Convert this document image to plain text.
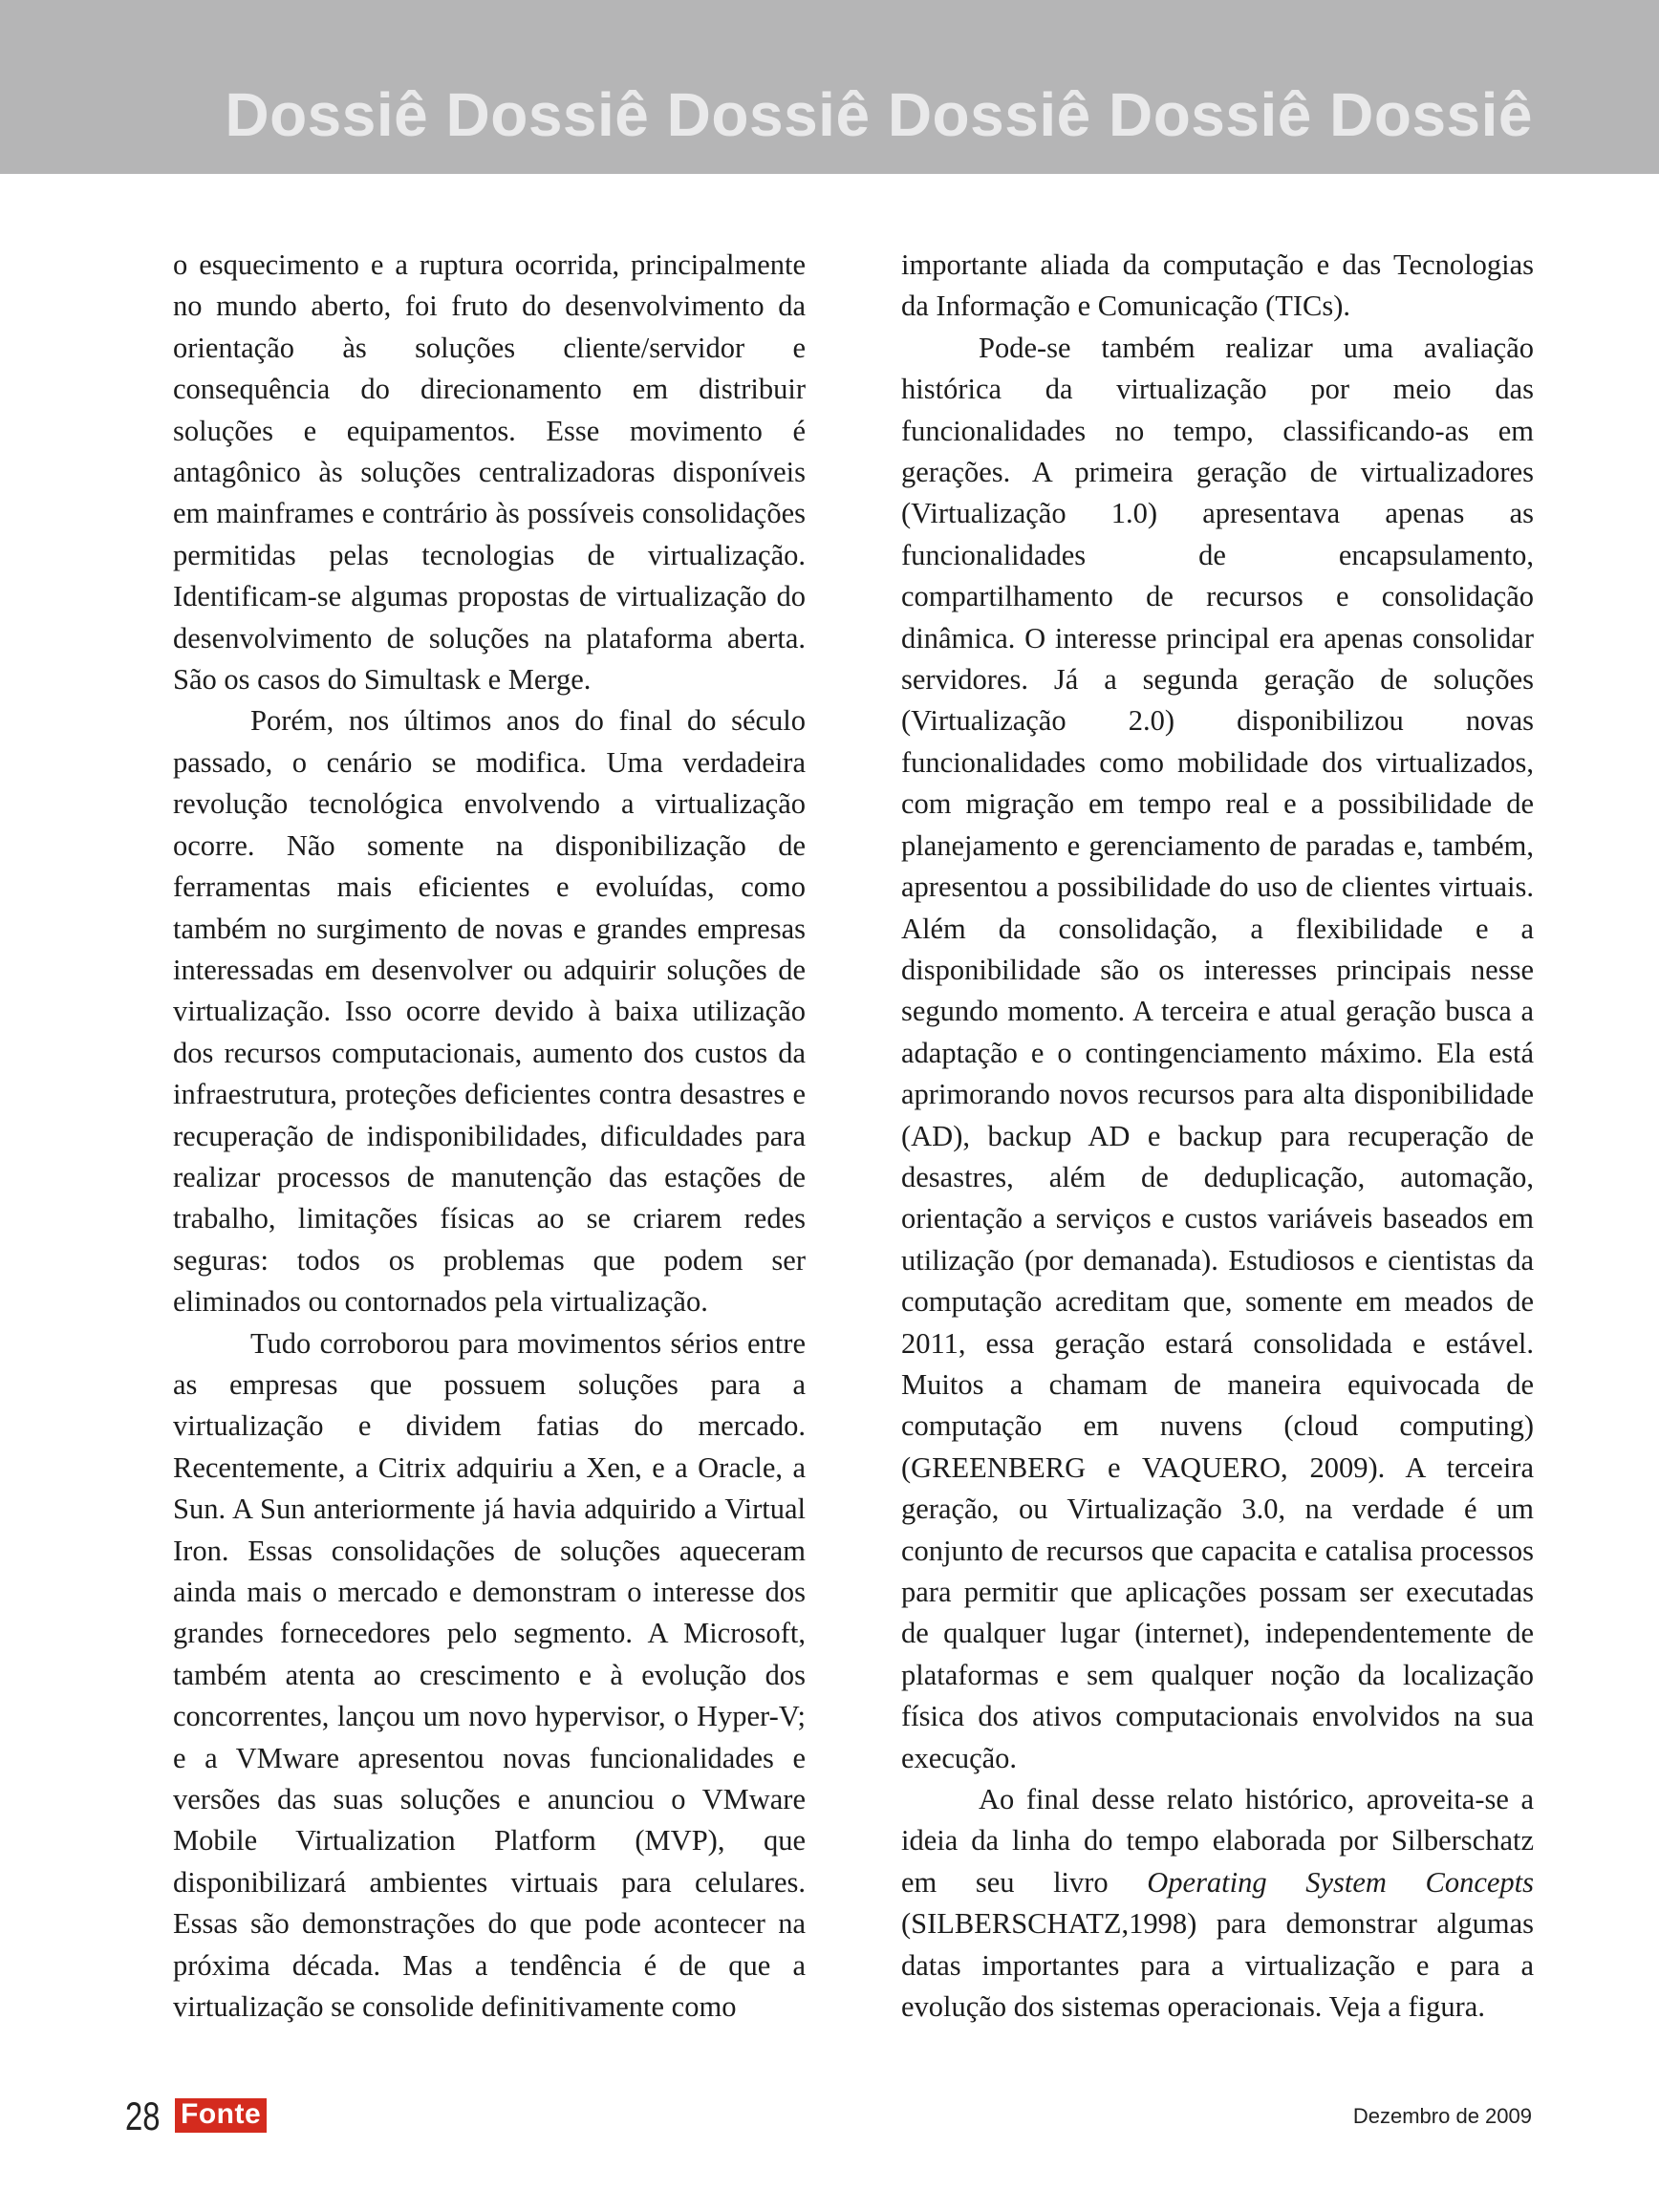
Dossiê Dossiê Dossiê Dossiê Dossiê Dossiê

o esquecimento e a ruptura ocorrida, principalmente no mundo aberto, foi fruto do desenvolvimento da orientação às soluções cliente/servidor e consequência do direcionamento em distribuir soluções e equipamentos. Esse movimento é antagônico às soluções centralizadoras disponíveis em mainframes e contrário às possíveis consolidações permitidas pelas tecnologias de virtualização. Identificam-se algumas propostas de virtualização do desenvolvimento de soluções na plataforma aberta. São os casos do Simultask e Merge.

Porém, nos últimos anos do final do século passado, o cenário se modifica. Uma verdadeira revolução tecnológica envolvendo a virtualização ocorre. Não somente na disponibilização de ferramentas mais eficientes e evoluídas, como também no surgimento de novas e grandes empresas interessadas em desenvolver ou adquirir soluções de virtualização. Isso ocorre devido à baixa utilização dos recursos computacionais, aumento dos custos da infraestrutura, proteções deficientes contra desastres e recuperação de indisponibilidades, dificuldades para realizar processos de manutenção das estações de trabalho, limitações físicas ao se criarem redes seguras: todos os problemas que podem ser eliminados ou contornados pela virtualização.

Tudo corroborou para movimentos sérios entre as empresas que possuem soluções para a virtualização e dividem fatias do mercado. Recentemente, a Citrix adquiriu a Xen, e a Oracle, a Sun. A Sun anteriormente já havia adquirido a Virtual Iron. Essas consolidações de soluções aqueceram ainda mais o mercado e demonstram o interesse dos grandes fornecedores pelo segmento. A Microsoft, também atenta ao crescimento e à evolução dos concorrentes, lançou um novo hypervisor, o Hyper-V; e a VMware apresentou novas funcionalidades e versões das suas soluções e anunciou o VMware Mobile Virtualization Platform (MVP), que disponibilizará ambientes virtuais para celulares. Essas são demonstrações do que pode acontecer na próxima década. Mas a tendência é de que a virtualização se consolide definitivamente como

importante aliada da computação e das Tecnologias da Informação e Comunicação (TICs).

Pode-se também realizar uma avaliação histórica da virtualização por meio das funcionalidades no tempo, classificando-as em gerações. A primeira geração de virtualizadores (Virtualização 1.0) apresentava apenas as funcionalidades de encapsulamento, compartilhamento de recursos e consolidação dinâmica. O interesse principal era apenas consolidar servidores. Já a segunda geração de soluções (Virtualização 2.0) disponibilizou novas funcionalidades como mobilidade dos virtualizados, com migração em tempo real e a possibilidade de planejamento e gerenciamento de paradas e, também, apresentou a possibilidade do uso de clientes virtuais. Além da consolidação, a flexibilidade e a disponibilidade são os interesses principais nesse segundo momento. A terceira e atual geração busca a adaptação e o contingenciamento máximo. Ela está aprimorando novos recursos para alta disponibilidade (AD), backup AD e backup para recuperação de desastres, além de deduplicação, automação, orientação a serviços e custos variáveis baseados em utilização (por demanada). Estudiosos e cientistas da computação acreditam que, somente em meados de 2011, essa geração estará consolidada e estável. Muitos a chamam de maneira equivocada de computação em nuvens (cloud computing) (GREENBERG e VAQUERO, 2009). A terceira geração, ou Virtualização 3.0, na verdade é um conjunto de recursos que capacita e catalisa processos para permitir que aplicações possam ser executadas de qualquer lugar (internet), independentemente de plataformas e sem qualquer noção da localização física dos ativos computacionais envolvidos na sua execução.

Ao final desse relato histórico, aproveita-se a ideia da linha do tempo elaborada por Silberschatz em seu livro Operating System Concepts (SILBERSCHATZ,1998) para demonstrar algumas datas importantes para a virtualização e para a evolução dos sistemas operacionais. Veja a figura.

28 Fonte	Dezembro de 2009
